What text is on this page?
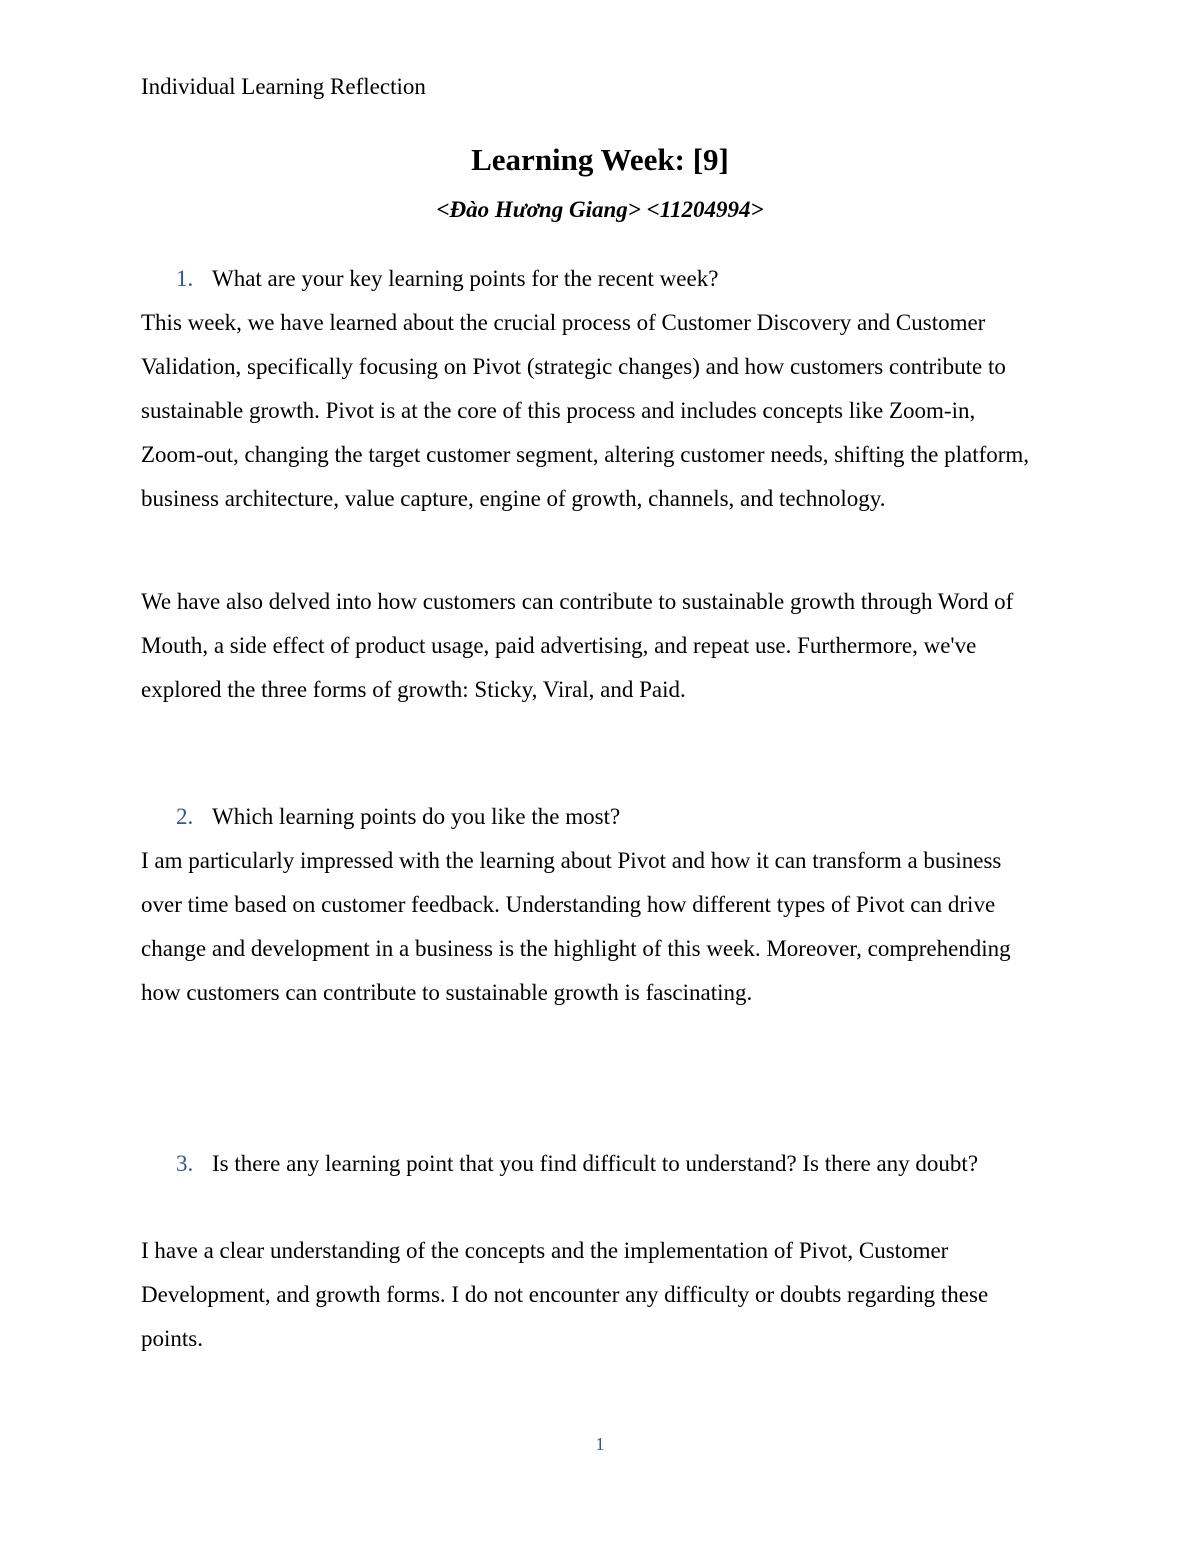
Individual Learning Reflection
Learning Week: [9]
<Đào Hương Giang> <11204994>
1. What are your key learning points for the recent week?

This week, we have learned about the crucial process of Customer Discovery and Customer Validation, specifically focusing on Pivot (strategic changes) and how customers contribute to sustainable growth. Pivot is at the core of this process and includes concepts like Zoom-in, Zoom-out, changing the target customer segment, altering customer needs, shifting the platform, business architecture, value capture, engine of growth, channels, and technology.

We have also delved into how customers can contribute to sustainable growth through Word of Mouth, a side effect of product usage, paid advertising, and repeat use. Furthermore, we've explored the three forms of growth: Sticky, Viral, and Paid.

2. Which learning points do you like the most?

I am particularly impressed with the learning about Pivot and how it can transform a business over time based on customer feedback. Understanding how different types of Pivot can drive change and development in a business is the highlight of this week. Moreover, comprehending how customers can contribute to sustainable growth is fascinating.

3. Is there any learning point that you find difficult to understand? Is there any doubt?

I have a clear understanding of the concepts and the implementation of Pivot, Customer Development, and growth forms. I do not encounter any difficulty or doubts regarding these points.

1
